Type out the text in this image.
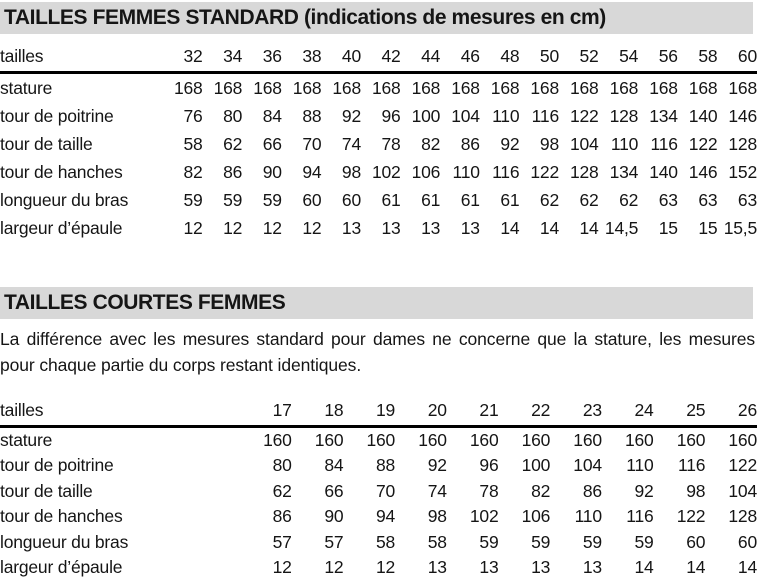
TAILLES FEMMES STANDARD (indications de mesures en cm)
tailles	32	34	36	38	40	42	44	46	48	50	52	54	56	58	60
stature	168 168 168 168 168 168 168 168 168 168 168 168 168 168 168
tour de poitrine	76	80	84	88	92	96 100 104 110 116 122 128 134 140 146
tour de taille	58	62	66	70	74	78	82	86	92	98 104 110 116 122 128
tour de hanches	82	86	90	94	98 102 106 110 116 122 128 134 140 146 152
longueur du bras	59	59	59	60	60	61	61	61	61	62	62	62	63	63	63
largeur d’épaule	12	12	12	12	13	13	13	13	14	14	14 14,5	15	15 15,5
TAILLES COURTES FEMMES

La différence avec les mesures standard pour dames ne concerne que la stature, les mesures pour chaque partie du corps restant identiques.

tailles	17	18	19	20	21	22	23	24	25	26
stature	160	160	160	160	160	160	160	160	160	160
tour de poitrine	80	84	88	92	96	100	104	110	116	122
tour de taille	62	66	70	74	78	82	86	92	98	104
tour de hanches	86	90	94	98	102	106	110	116	122	128
longueur du bras	57	57	58	58	59	59	59	59	60	60
largeur d’épaule	12	12	12	13	13	13	13	14	14	14
